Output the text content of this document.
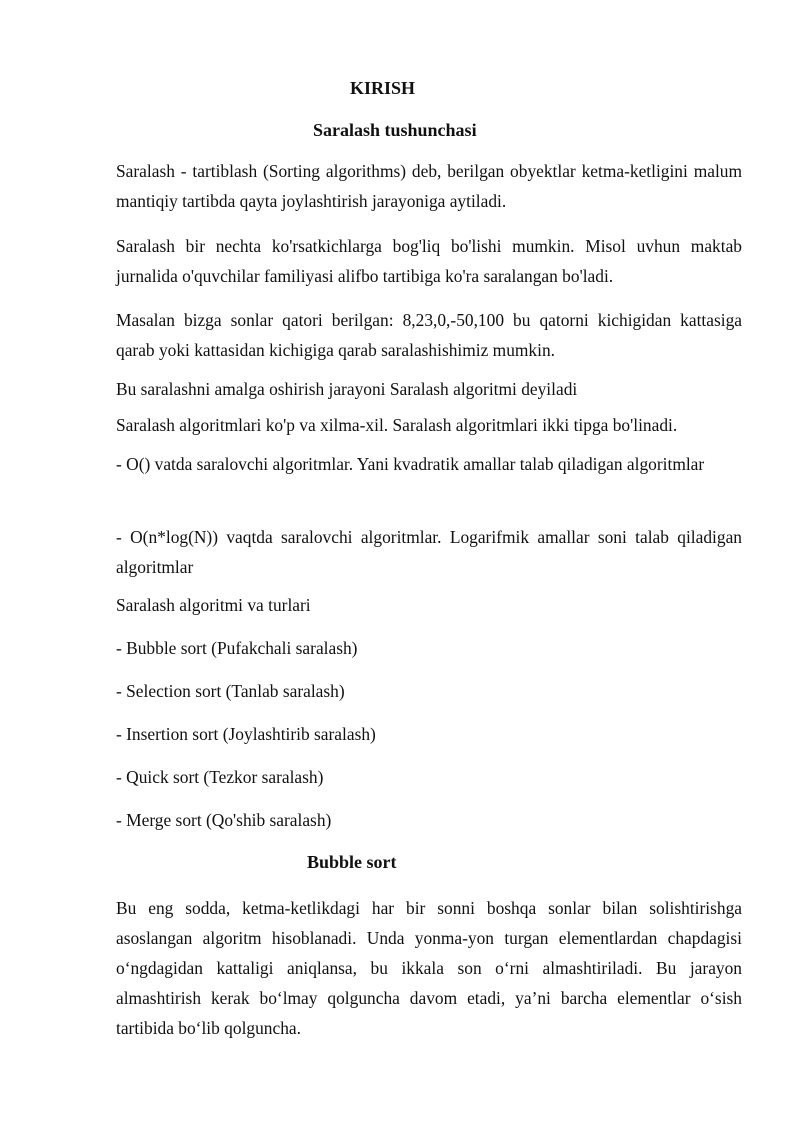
KIRISH
Saralash tushunchasi
Saralash - tartiblash (Sorting algorithms) deb, berilgan obyektlar ketma-ketligini malum mantiqiy tartibda qayta joylashtirish jarayoniga aytiladi.
Saralash bir nechta ko'rsatkichlarga bog'liq bo'lishi mumkin. Misol uvhun maktab jurnalida o'quvchilar familiyasi alifbo tartibiga ko'ra saralangan bo'ladi.
Masalan bizga sonlar qatori berilgan: 8,23,0,-50,100 bu qatorni kichigidan kattasiga qarab yoki kattasidan kichigiga qarab saralashishimiz mumkin.
Bu saralashni amalga oshirish jarayoni Saralash algoritmi deyiladi
Saralash algoritmlari ko'p va xilma-xil. Saralash algoritmlari ikki tipga bo'linadi.
- O() vatda saralovchi algoritmlar. Yani kvadratik amallar talab qiladigan algoritmlar
- O(n*log(N)) vaqtda saralovchi algoritmlar. Logarifmik amallar soni talab qiladigan algoritmlar
Saralash algoritmi va turlari
- Bubble sort (Pufakchali saralash)
- Selection sort (Tanlab saralash)
- Insertion sort (Joylashtirib saralash)
- Quick sort (Tezkor saralash)
- Merge sort (Qo'shib saralash)
Bubble sort
Bu eng sodda, ketma-ketlikdagi har bir sonni boshqa sonlar bilan solishtirishga asoslangan algoritm hisoblanadi. Unda yonma-yon turgan elementlardan chapdagisi o‘ngdagidan kattaligi aniqlansa, bu ikkala son o‘rni almashtiriladi. Bu jarayon almashtirish kerak bo‘lmay qolguncha davom etadi, ya’ni barcha elementlar o‘sish tartibida bo‘lib qolguncha.
